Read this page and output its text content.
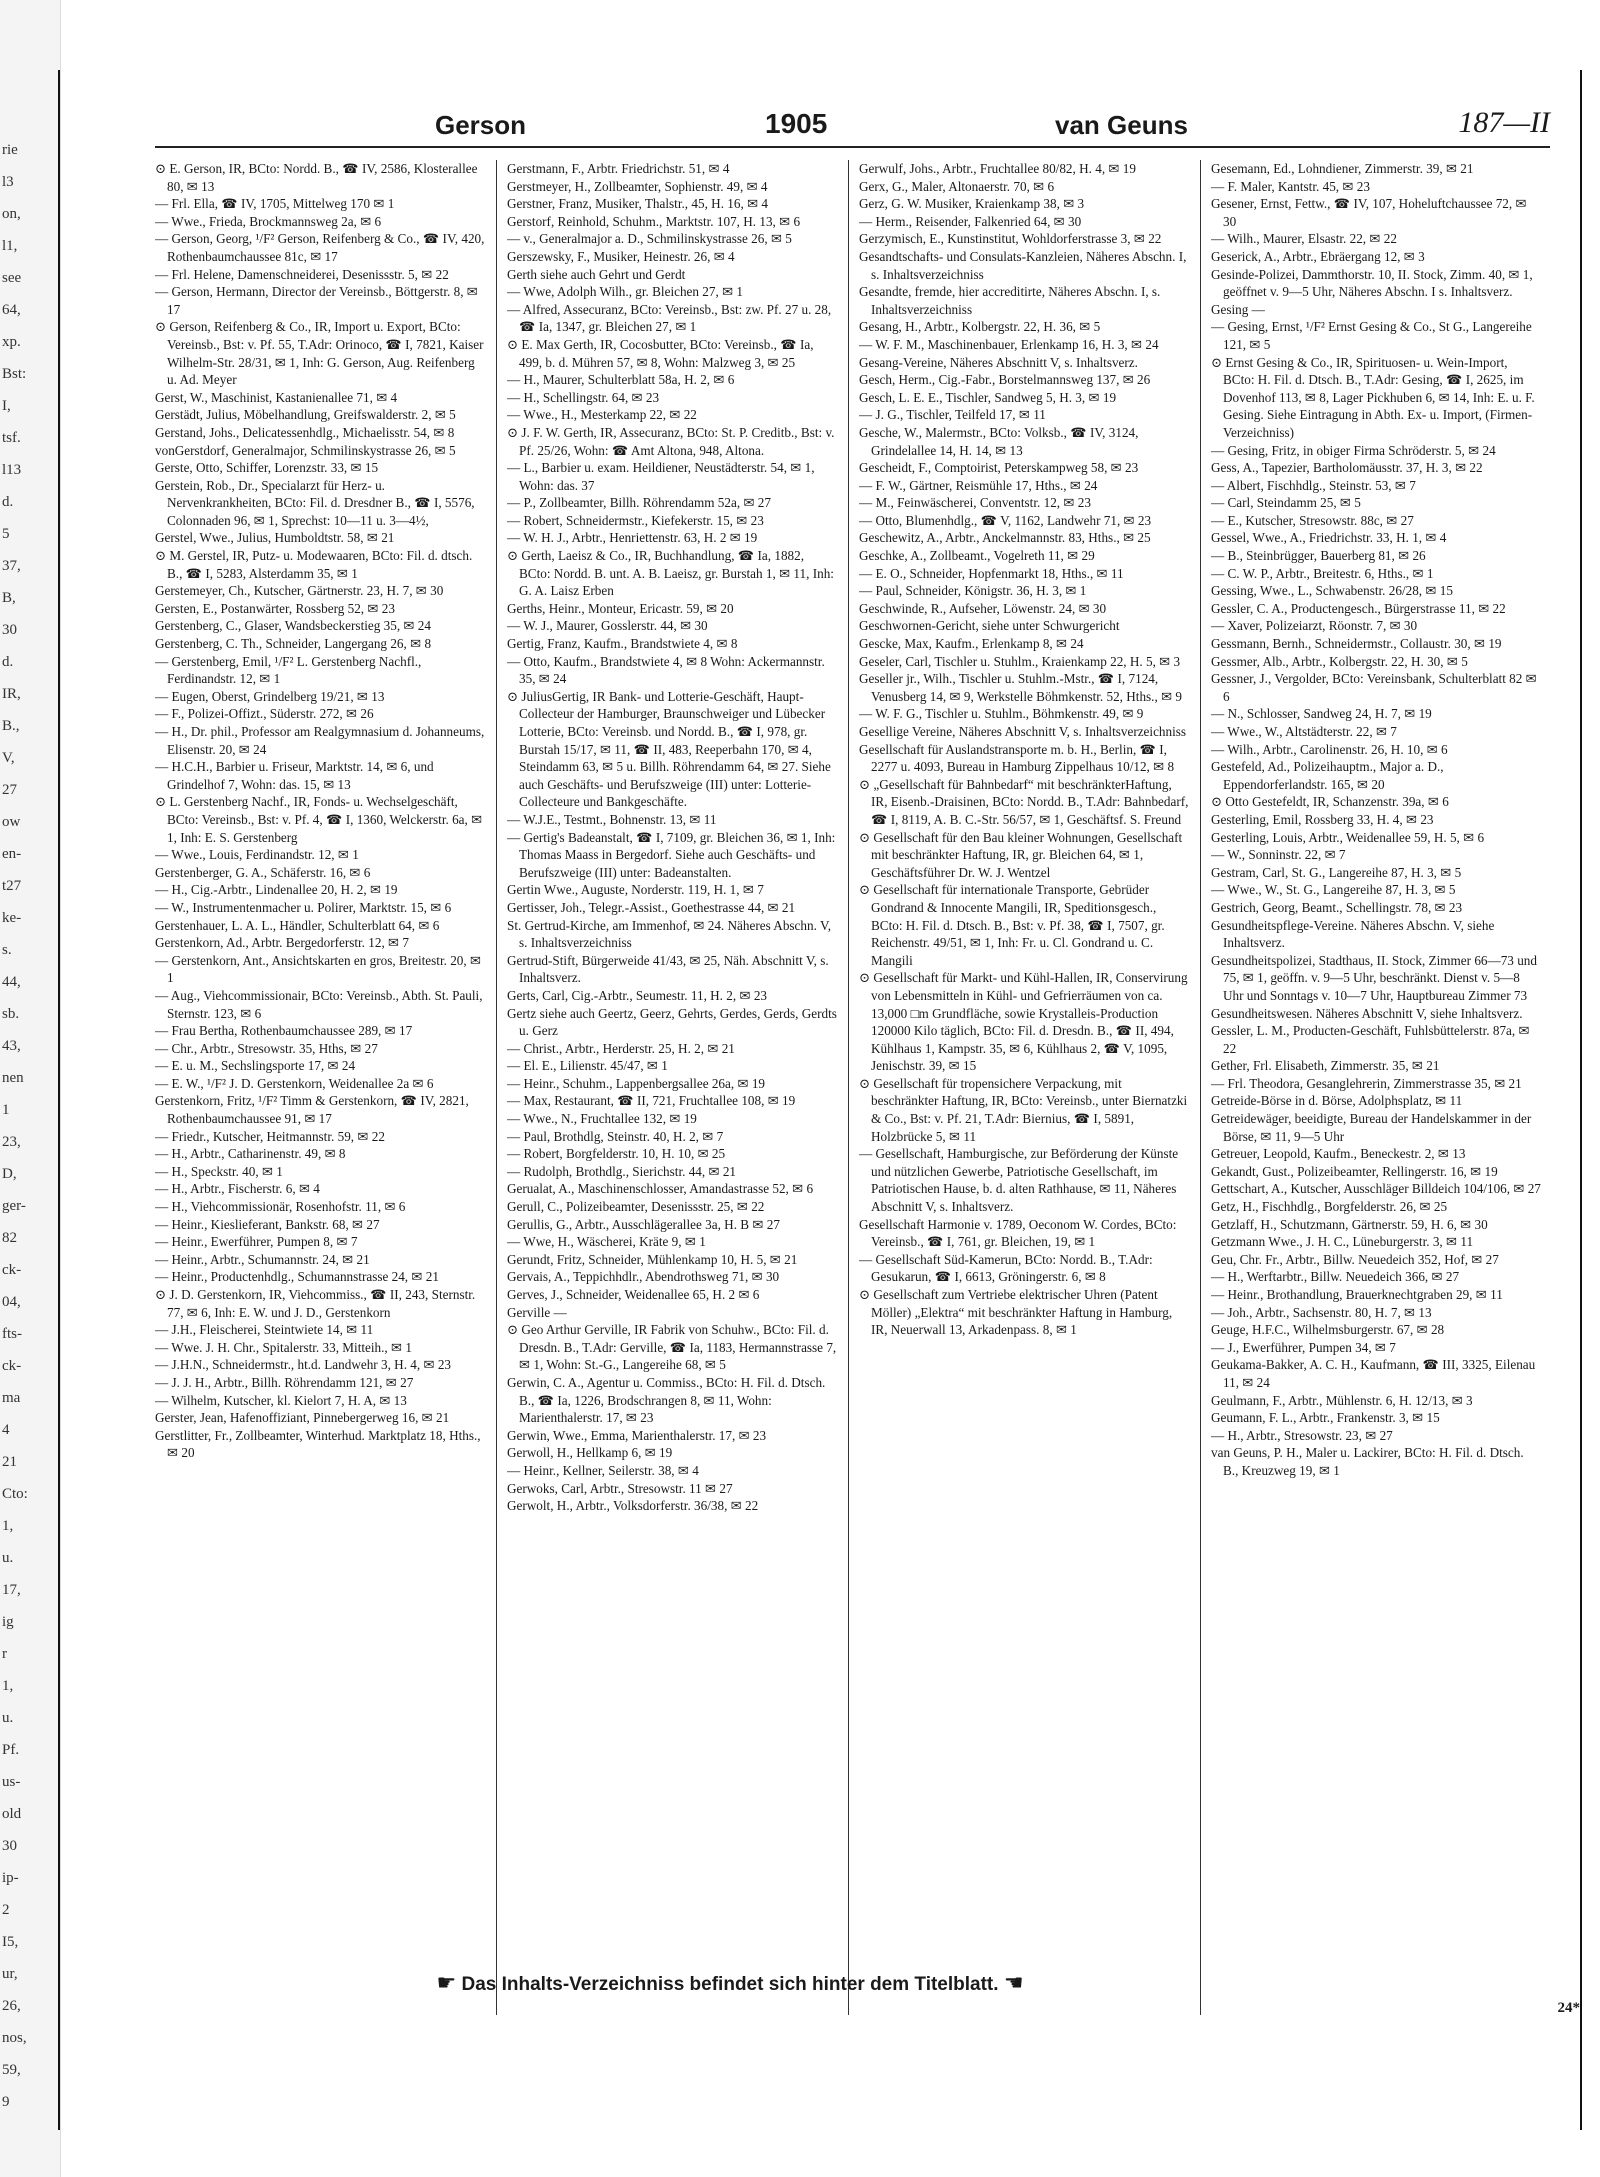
rie
l3
on,
l1,
see
64,
xp.
Bst:
I,
tsf.
l13
d.
5
37,
B,
30
d.
IR,
B.,
V,
27
ow
en-
t27
ke-
s.
44,
sb.
43,
nen
1
23,
D,
ger-
82
ck-
04,
fts-
ck-
ma
4
21
Cto:
1,
u.
17,
ig
r
1,
u.
Pf.
us-
old
30
ip-
2
I5,
ur,
26,
nos,
59,
9
Gerson	1905	van Geuns	187—II

⊙ E. Gerson, IR, BCto: Nordd. B., ☎ IV, 2586, Klosterallee 80, ✉ 13

— Frl. Ella, ☎ IV, 1705, Mittelweg 170 ✉ 1

— Wwe., Frieda, Brockmannsweg 2a, ✉ 6

— Gerson, Georg, ¹/F² Gerson, Reifenberg & Co., ☎ IV, 420, Rothenbaumchaussee 81c, ✉ 17

— Frl. Helene, Damenschneiderei, Desenissstr. 5, ✉ 22

— Gerson, Hermann, Director der Vereinsb., Böttgerstr. 8, ✉ 17

⊙ Gerson, Reifenberg & Co., IR, Import u. Export, BCto: Vereinsb., Bst: v. Pf. 55, T.Adr: Orinoco, ☎ I, 7821, Kaiser Wilhelm-Str. 28/31, ✉ 1, Inh: G. Gerson, Aug. Reifenberg u. Ad. Meyer

Gerst, W., Maschinist, Kastanienallee 71, ✉ 4

Gerstädt, Julius, Möbelhandlung, Greifswalderstr. 2, ✉ 5

Gerstand, Johs., Delicatessenhdlg., Michaelisstr. 54, ✉ 8

vonGerstdorf, Generalmajor, Schmilinskystrasse 26, ✉ 5

Gerste, Otto, Schiffer, Lorenzstr. 33, ✉ 15

Gerstein, Rob., Dr., Specialarzt für Herz- u. Nervenkrankheiten, BCto: Fil. d. Dresdner B., ☎ I, 5576, Colonnaden 96, ✉ 1, Sprechst: 10—11 u. 3—4½,

Gerstel, Wwe., Julius, Humboldtstr. 58, ✉ 21

⊙ M. Gerstel, IR, Putz- u. Modewaaren, BCto: Fil. d. dtsch. B., ☎ I, 5283, Alsterdamm 35, ✉ 1

Gerstemeyer, Ch., Kutscher, Gärtnerstr. 23, H. 7, ✉ 30

Gersten, E., Postanwärter, Rossberg 52, ✉ 23

Gerstenberg, C., Glaser, Wandsbeckerstieg 35, ✉ 24

Gerstenberg, C. Th., Schneider, Langergang 26, ✉ 8

— Gerstenberg, Emil, ¹/F² L. Gerstenberg Nachfl., Ferdinandstr. 12, ✉ 1

— Eugen, Oberst, Grindelberg 19/21, ✉ 13

— F., Polizei-Offizt., Süderstr. 272, ✉ 26

— H., Dr. phil., Professor am Realgymnasium d. Johanneums, Elisenstr. 20, ✉ 24

— H.C.H., Barbier u. Friseur, Marktstr. 14, ✉ 6, und Grindelhof 7, Wohn: das. 15, ✉ 13

⊙ L. Gerstenberg Nachf., IR, Fonds- u. Wechselgeschäft, BCto: Vereinsb., Bst: v. Pf. 4, ☎ I, 1360, Welckerstr. 6a, ✉ 1, Inh: E. S. Gerstenberg

— Wwe., Louis, Ferdinandstr. 12, ✉ 1

Gerstenberger, G. A., Schäferstr. 16, ✉ 6

— H., Cig.-Arbtr., Lindenallee 20, H. 2, ✉ 19

— W., Instrumentenmacher u. Polirer, Marktstr. 15, ✉ 6

Gerstenhauer, L. A. L., Händler, Schulterblatt 64, ✉ 6

Gerstenkorn, Ad., Arbtr. Bergedorferstr. 12, ✉ 7

— Gerstenkorn, Ant., Ansichtskarten en gros, Breitestr. 20, ✉ 1

— Aug., Viehcommissionair, BCto: Vereinsb., Abth. St. Pauli, Sternstr. 123, ✉ 6

— Frau Bertha, Rothenbaumchaussee 289, ✉ 17

— Chr., Arbtr., Stresowstr. 35, Hths, ✉ 27

— E. u. M., Sechslingsporte 17, ✉ 24

— E. W., ¹/F² J. D. Gerstenkorn, Weidenallee 2a ✉ 6

Gerstenkorn, Fritz, ¹/F² Timm & Gerstenkorn, ☎ IV, 2821, Rothenbaumchaussee 91, ✉ 17

— Friedr., Kutscher, Heitmannstr. 59, ✉ 22

— H., Arbtr., Catharinenstr. 49, ✉ 8

— H., Speckstr. 40, ✉ 1

— H., Arbtr., Fischerstr. 6, ✉ 4

— H., Viehcommissionär, Rosenhofstr. 11, ✉ 6

— Heinr., Kieslieferant, Bankstr. 68, ✉ 27

— Heinr., Ewerführer, Pumpen 8, ✉ 7

— Heinr., Arbtr., Schumannstr. 24, ✉ 21

— Heinr., Productenhdlg., Schumannstrasse 24, ✉ 21

⊙ J. D. Gerstenkorn, IR, Viehcommiss., ☎ II, 243, Sternstr. 77, ✉ 6, Inh: E. W. und J. D., Gerstenkorn

— J.H., Fleischerei, Steintwiete 14, ✉ 11

— Wwe. J. H. Chr., Spitalerstr. 33, Mitteih., ✉ 1

— J.H.N., Schneidermstr., ht.d. Landwehr 3, H. 4, ✉ 23

— J. J. H., Arbtr., Billh. Röhrendamm 121, ✉ 27

— Wilhelm, Kutscher, kl. Kielort 7, H. A, ✉ 13

Gerster, Jean, Hafenoffiziant, Pinnebergerweg 16, ✉ 21

Gerstlitter, Fr., Zollbeamter, Winterhud. Marktplatz 18, Hths., ✉ 20

Gerstmann, F., Arbtr. Friedrichstr. 51, ✉ 4

Gerstmeyer, H., Zollbeamter, Sophienstr. 49, ✉ 4

Gerstner, Franz, Musiker, Thalstr., 45, H. 16, ✉ 4

Gerstorf, Reinhold, Schuhm., Marktstr. 107, H. 13, ✉ 6

— v., Generalmajor a. D., Schmilinskystrasse 26, ✉ 5

Gerszewsky, F., Musiker, Heinestr. 26, ✉ 4

Gerth siehe auch Gehrt und Gerdt

— Wwe, Adolph Wilh., gr. Bleichen 27, ✉ 1

— Alfred, Assecuranz, BCto: Vereinsb., Bst: zw. Pf. 27 u. 28, ☎ Ia, 1347, gr. Bleichen 27, ✉ 1

⊙ E. Max Gerth, IR, Cocosbutter, BCto: Vereinsb., ☎ Ia, 499, b. d. Mühren 57, ✉ 8, Wohn: Malzweg 3, ✉ 25

— H., Maurer, Schulterblatt 58a, H. 2, ✉ 6

— H., Schellingstr. 64, ✉ 23

— Wwe., H., Mesterkamp 22, ✉ 22

⊙ J. F. W. Gerth, IR, Assecuranz, BCto: St. P. Creditb., Bst: v. Pf. 25/26, Wohn: ☎ Amt Altona, 948, Altona.

— L., Barbier u. exam. Heildiener, Neustädterstr. 54, ✉ 1, Wohn: das. 37

— P., Zollbeamter, Billh. Röhrendamm 52a, ✉ 27

— Robert, Schneidermstr., Kiefekerstr. 15, ✉ 23

— W. H. J., Arbtr., Henriettenstr. 63, H. 2 ✉ 19

⊙ Gerth, Laeisz & Co., IR, Buchhandlung, ☎ Ia, 1882, BCto: Nordd. B. unt. A. B. Laeisz, gr. Burstah 1, ✉ 11, Inh: G. A. Laisz Erben

Gerths, Heinr., Monteur, Ericastr. 59, ✉ 20

— W. J., Maurer, Gosslerstr. 44, ✉ 30

Gertig, Franz, Kaufm., Brandstwiete 4, ✉ 8

— Otto, Kaufm., Brandstwiete 4, ✉ 8 Wohn: Ackermannstr. 35, ✉ 24

⊙ JuliusGertig, IR Bank- und Lotterie-Geschäft, Haupt-Collecteur der Hamburger, Braunschweiger und Lübecker Lotterie, BCto: Vereinsb. und Nordd. B., ☎ I, 978, gr. Burstah 15/17, ✉ 11, ☎ II, 483, Reeperbahn 170, ✉ 4, Steindamm 63, ✉ 5 u. Billh. Röhrendamm 64, ✉ 27. Siehe auch Geschäfts- und Berufszweige (III) unter: Lotterie-Collecteure und Bankgeschäfte.

— W.J.E., Testmt., Bohnenstr. 13, ✉ 11

— Gertig's Badeanstalt, ☎ I, 7109, gr. Bleichen 36, ✉ 1, Inh: Thomas Maass in Bergedorf. Siehe auch Geschäfts- und Berufszweige (III) unter: Badeanstalten.

Gertin Wwe., Auguste, Norderstr. 119, H. 1, ✉ 7

Gertisser, Joh., Telegr.-Assist., Goethestrasse 44, ✉ 21

St. Gertrud-Kirche, am Immenhof, ✉ 24. Näheres Abschn. V, s. Inhaltsverzeichniss

Gertrud-Stift, Bürgerweide 41/43, ✉ 25, Näh. Abschnitt V, s. Inhaltsverz.

Gerts, Carl, Cig.-Arbtr., Seumestr. 11, H. 2, ✉ 23

Gertz siehe auch Geertz, Geerz, Gehrts, Gerdes, Gerds, Gerdts u. Gerz

— Christ., Arbtr., Herderstr. 25, H. 2, ✉ 21

— El. E., Lilienstr. 45/47, ✉ 1

— Heinr., Schuhm., Lappenbergsallee 26a, ✉ 19

— Max, Restaurant, ☎ II, 721, Fruchtallee 108, ✉ 19

— Wwe., N., Fruchtallee 132, ✉ 19

— Paul, Brothdlg, Steinstr. 40, H. 2, ✉ 7

— Robert, Borgfelderstr. 10, H. 10, ✉ 25

— Rudolph, Brothdlg., Sierichstr. 44, ✉ 21

Gerualat, A., Maschinenschlosser, Amandastrasse 52, ✉ 6

Gerull, C., Polizeibeamter, Desenissstr. 25, ✉ 22

Gerullis, G., Arbtr., Ausschlägerallee 3a, H. B ✉ 27

— Wwe, H., Wäscherei, Kräte 9, ✉ 1

Gerundt, Fritz, Schneider, Mühlenkamp 10, H. 5, ✉ 21

Gervais, A., Teppichhdlr., Abendrothsweg 71, ✉ 30

Gerves, J., Schneider, Weidenallee 65, H. 2 ✉ 6

Gerville —

⊙ Geo Arthur Gerville, IR Fabrik von Schuhw., BCto: Fil. d. Dresdn. B., T.Adr: Gerville, ☎ Ia, 1183, Hermannstrasse 7, ✉ 1, Wohn: St.-G., Langereihe 68, ✉ 5

Gerwin, C. A., Agentur u. Commiss., BCto: H. Fil. d. Dtsch. B., ☎ Ia, 1226, Brodschrangen 8, ✉ 11, Wohn: Marienthalerstr. 17, ✉ 23

Gerwin, Wwe., Emma, Marienthalerstr. 17, ✉ 23

Gerwoll, H., Hellkamp 6, ✉ 19

— Heinr., Kellner, Seilerstr. 38, ✉ 4

Gerwoks, Carl, Arbtr., Stresowstr. 11 ✉ 27

Gerwolt, H., Arbtr., Volksdorferstr. 36/38, ✉ 22

Gerwulf, Johs., Arbtr., Fruchtallee 80/82, H. 4, ✉ 19

Gerx, G., Maler, Altonaerstr. 70, ✉ 6

Gerz, G. W. Musiker, Kraienkamp 38, ✉ 3

— Herm., Reisender, Falkenried 64, ✉ 30

Gerzymisch, E., Kunstinstitut, Wohldorferstrasse 3, ✉ 22

Gesandtschafts- und Consulats-Kanzleien, Näheres Abschn. I, s. Inhaltsverzeichniss

Gesandte, fremde, hier accreditirte, Näheres Abschn. I, s. Inhaltsverzeichniss

Gesang, H., Arbtr., Kolbergstr. 22, H. 36, ✉ 5

— W. F. M., Maschinenbauer, Erlenkamp 16, H. 3, ✉ 24

Gesang-Vereine, Näheres Abschnitt V, s. Inhaltsverz.

Gesch, Herm., Cig.-Fabr., Borstelmannsweg 137, ✉ 26

Gesch, L. E. E., Tischler, Sandweg 5, H. 3, ✉ 19

— J. G., Tischler, Teilfeld 17, ✉ 11

Gesche, W., Malermstr., BCto: Volksb., ☎ IV, 3124, Grindelallee 14, H. 14, ✉ 13

Gescheidt, F., Comptoirist, Peterskampweg 58, ✉ 23

— F. W., Gärtner, Reismühle 17, Hths., ✉ 24

— M., Feinwäscherei, Conventstr. 12, ✉ 23

— Otto, Blumenhdlg., ☎ V, 1162, Landwehr 71, ✉ 23

Geschewitz, A., Arbtr., Anckelmannstr. 83, Hths., ✉ 25

Geschke, A., Zollbeamt., Vogelreth 11, ✉ 29

— E. O., Schneider, Hopfenmarkt 18, Hths., ✉ 11

— Paul, Schneider, Königstr. 36, H. 3, ✉ 1

Geschwinde, R., Aufseher, Löwenstr. 24, ✉ 30

Geschwornen-Gericht, siehe unter Schwurgericht

Gescke, Max, Kaufm., Erlenkamp 8, ✉ 24

Geseler, Carl, Tischler u. Stuhlm., Kraienkamp 22, H. 5, ✉ 3

Geseller jr., Wilh., Tischler u. Stuhlm.-Mstr., ☎ I, 7124, Venusberg 14, ✉ 9, Werkstelle Böhmkenstr. 52, Hths., ✉ 9

— W. F. G., Tischler u. Stuhlm., Böhmkenstr. 49, ✉ 9

Gesellige Vereine, Näheres Abschnitt V, s. Inhaltsverzeichniss

Gesellschaft für Auslandstransporte m. b. H., Berlin, ☎ I, 2277 u. 4093, Bureau in Hamburg Zippelhaus 10/12, ✉ 8

⊙ „Gesellschaft für Bahnbedarf“ mit beschränkterHaftung, IR, Eisenb.-Draisinen, BCto: Nordd. B., T.Adr: Bahnbedarf, ☎ I, 8119, A. B. C.-Str. 56/57, ✉ 1, Geschäftsf. S. Freund

⊙ Gesellschaft für den Bau kleiner Wohnungen, Gesellschaft mit beschränkter Haftung, IR, gr. Bleichen 64, ✉ 1, Geschäftsführer Dr. W. J. Wentzel

⊙ Gesellschaft für internationale Transporte, Gebrüder Gondrand & Innocente Mangili, IR, Speditionsgesch., BCto: H. Fil. d. Dtsch. B., Bst: v. Pf. 38, ☎ I, 7507, gr. Reichenstr. 49/51, ✉ 1, Inh: Fr. u. Cl. Gondrand u. C. Mangili

⊙ Gesellschaft für Markt- und Kühl-Hallen, IR, Conservirung von Lebensmitteln in Kühl- und Gefrierräumen von ca. 13,000 □m Grundfläche, sowie Krystalleis-Production 120000 Kilo täglich, BCto: Fil. d. Dresdn. B., ☎ II, 494, Kühlhaus 1, Kampstr. 35, ✉ 6, Kühlhaus 2, ☎ V, 1095, Jenischstr. 39, ✉ 15

⊙ Gesellschaft für tropensichere Verpackung, mit beschränkter Haftung, IR, BCto: Vereinsb., unter Biernatzki & Co., Bst: v. Pf. 21, T.Adr: Biernius, ☎ I, 5891, Holzbrücke 5, ✉ 11

— Gesellschaft, Hamburgische, zur Beförderung der Künste und nützlichen Gewerbe, Patriotische Gesellschaft, im Patriotischen Hause, b. d. alten Rathhause, ✉ 11, Näheres Abschnitt V, s. Inhaltsverz.

Gesellschaft Harmonie v. 1789, Oeconom W. Cordes, BCto: Vereinsb., ☎ I, 761, gr. Bleichen, 19, ✉ 1

— Gesellschaft Süd-Kamerun, BCto: Nordd. B., T.Adr: Gesukarun, ☎ I, 6613, Gröningerstr. 6, ✉ 8

⊙ Gesellschaft zum Vertriebe elektrischer Uhren (Patent Möller) „Elektra“ mit beschränkter Haftung in Hamburg, IR, Neuerwall 13, Arkadenpass. 8, ✉ 1

Gesemann, Ed., Lohndiener, Zimmerstr. 39, ✉ 21

— F. Maler, Kantstr. 45, ✉ 23

Gesener, Ernst, Fettw., ☎ IV, 107, Hoheluftchaussee 72, ✉ 30

— Wilh., Maurer, Elsastr. 22, ✉ 22

Geserick, A., Arbtr., Ebräergang 12, ✉ 3

Gesinde-Polizei, Dammthorstr. 10, II. Stock, Zimm. 40, ✉ 1, geöffnet v. 9—5 Uhr, Näheres Abschn. I s. Inhaltsverz.

Gesing —

— Gesing, Ernst, ¹/F² Ernst Gesing & Co., St G., Langereihe 121, ✉ 5

⊙ Ernst Gesing & Co., IR, Spirituosen- u. Wein-Import, BCto: H. Fil. d. Dtsch. B., T.Adr: Gesing, ☎ I, 2625, im Dovenhof 113, ✉ 8, Lager Pickhuben 6, ✉ 14, Inh: E. u. F. Gesing. Siehe Eintragung in Abth. Ex- u. Import, (Firmen-Verzeichniss)

— Gesing, Fritz, in obiger Firma Schröderstr. 5, ✉ 24

Gess, A., Tapezier, Bartholomäusstr. 37, H. 3, ✉ 22

— Albert, Fischhdlg., Steinstr. 53, ✉ 7

— Carl, Steindamm 25, ✉ 5

— E., Kutscher, Stresowstr. 88c, ✉ 27

Gessel, Wwe., A., Friedrichstr. 33, H. 1, ✉ 4

— B., Steinbrügger, Bauerberg 81, ✉ 26

— C. W. P., Arbtr., Breitestr. 6, Hths., ✉ 1

Gessing, Wwe., L., Schwabenstr. 26/28, ✉ 15

Gessler, C. A., Productengesch., Bürgerstrasse 11, ✉ 22

— Xaver, Polizeiarzt, Röonstr. 7, ✉ 30

Gessmann, Bernh., Schneidermstr., Collaustr. 30, ✉ 19

Gessmer, Alb., Arbtr., Kolbergstr. 22, H. 30, ✉ 5

Gessner, J., Vergolder, BCto: Vereinsbank, Schulterblatt 82 ✉ 6

— N., Schlosser, Sandweg 24, H. 7, ✉ 19

— Wwe., W., Altstädterstr. 22, ✉ 7

— Wilh., Arbtr., Carolinenstr. 26, H. 10, ✉ 6

Gestefeld, Ad., Polizeihauptm., Major a. D., Eppendorferlandstr. 165, ✉ 20

⊙ Otto Gestefeldt, IR, Schanzenstr. 39a, ✉ 6

Gesterling, Emil, Rossberg 33, H. 4, ✉ 23

Gesterling, Louis, Arbtr., Weidenallee 59, H. 5, ✉ 6

— W., Sonninstr. 22, ✉ 7

Gestram, Carl, St. G., Langereihe 87, H. 3, ✉ 5

— Wwe., W., St. G., Langereihe 87, H. 3, ✉ 5

Gestrich, Georg, Beamt., Schellingstr. 78, ✉ 23

Gesundheitspflege-Vereine. Näheres Abschn. V, siehe Inhaltsverz.

Gesundheitspolizei, Stadthaus, II. Stock, Zimmer 66—73 und 75, ✉ 1, geöffn. v. 9—5 Uhr, beschränkt. Dienst v. 5—8 Uhr und Sonntags v. 10—7 Uhr, Hauptbureau Zimmer 73

Gesundheitswesen. Näheres Abschnitt V, siehe Inhaltsverz.

Gessler, L. M., Producten-Geschäft, Fuhlsbüttelerstr. 87a, ✉ 22

Gether, Frl. Elisabeth, Zimmerstr. 35, ✉ 21

— Frl. Theodora, Gesanglehrerin, Zimmerstrasse 35, ✉ 21

Getreide-Börse in d. Börse, Adolphsplatz, ✉ 11

Getreidewäger, beeidigte, Bureau der Handelskammer in der Börse, ✉ 11, 9—5 Uhr

Getreuer, Leopold, Kaufm., Beneckestr. 2, ✉ 13

Gekandt, Gust., Polizeibeamter, Rellingerstr. 16, ✉ 19

Gettschart, A., Kutscher, Ausschläger Billdeich 104/106, ✉ 27

Getz, H., Fischhdlg., Borgfelderstr. 26, ✉ 25

Getzlaff, H., Schutzmann, Gärtnerstr. 59, H. 6, ✉ 30

Getzmann Wwe., J. H. C., Lüneburgerstr. 3, ✉ 11

Geu, Chr. Fr., Arbtr., Billw. Neuedeich 352, Hof, ✉ 27

— H., Werftarbtr., Billw. Neuedeich 366, ✉ 27

— Heinr., Brothandlung, Brauerknechtgraben 29, ✉ 11

— Joh., Arbtr., Sachsenstr. 80, H. 7, ✉ 13

Geuge, H.F.C., Wilhelmsburgerstr. 67, ✉ 28

— J., Ewerführer, Pumpen 34, ✉ 7

Geukama-Bakker, A. C. H., Kaufmann, ☎ III, 3325, Eilenau 11, ✉ 24

Geulmann, F., Arbtr., Mühlenstr. 6, H. 12/13, ✉ 3

Geumann, F. L., Arbtr., Frankenstr. 3, ✉ 15

— H., Arbtr., Stresowstr. 23, ✉ 27

van Geuns, P. H., Maler u. Lackirer, BCto: H. Fil. d. Dtsch. B., Kreuzweg 19, ✉ 1

☛ Das Inhalts-Verzeichniss befindet sich hinter dem Titelblatt. ☚
24*
